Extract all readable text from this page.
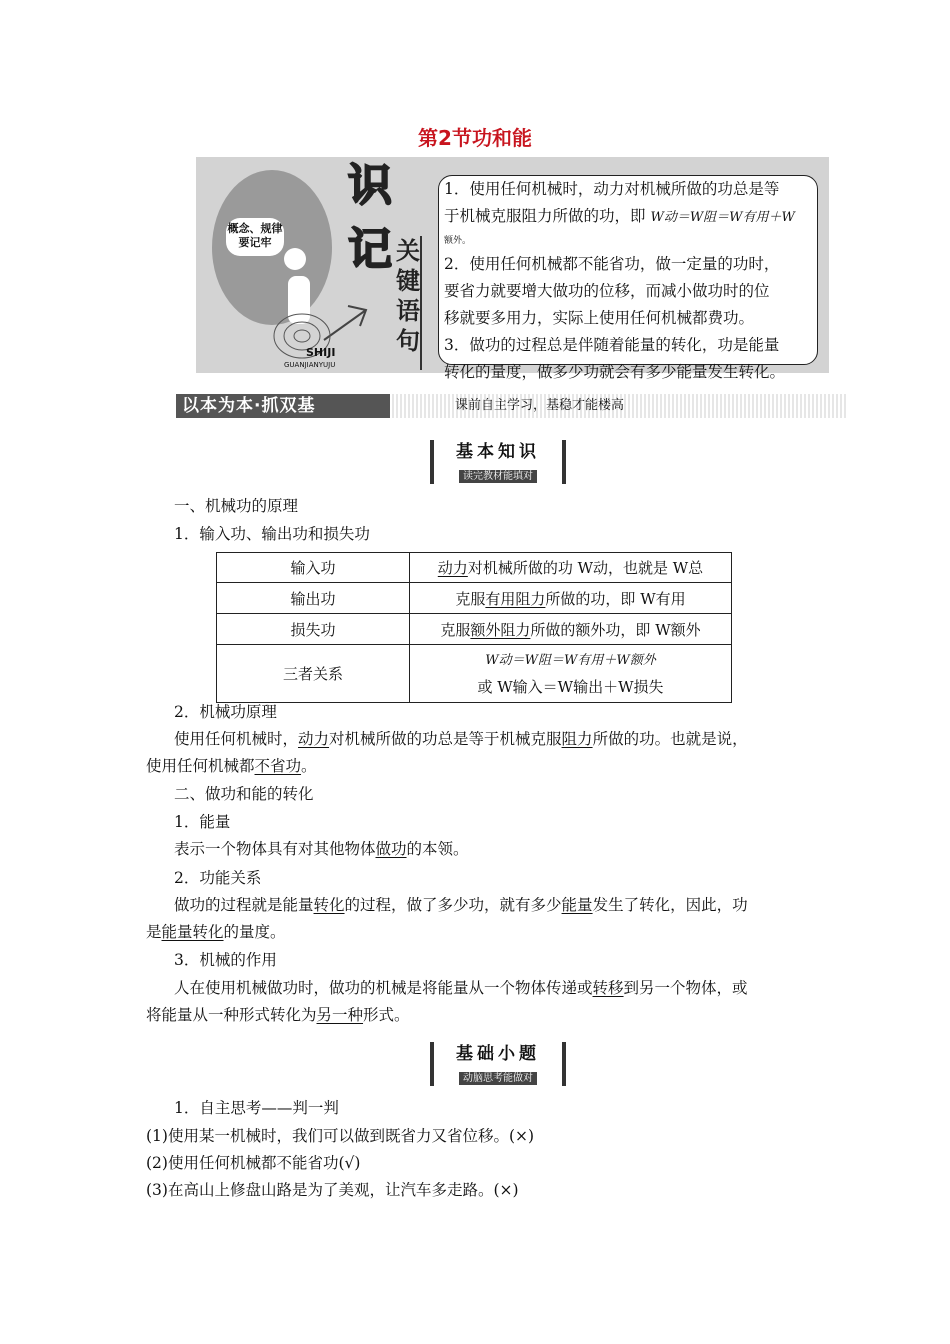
第2节功和能
概念、规律
要记牢
识
记 关
键
语
句
SHIJI
GUANJIANYUJU

1．使用任何机械时，动力对机械所做的功总是等

于机械克服阻力所做的功，即 W动＝W阻＝W有用＋W

额外。

2．使用任何机械都不能省功，做一定量的功时，

要省力就要增大做功的位移，而减小做功时的位

移就要多用力，实际上使用任何机械都费功。

3．做功的过程总是伴随着能量的转化，功是能量

转化的量度，做多少功就会有多少能量发生转化。

以本为本·抓双基	课前自主学习，基稳才能楼高
基本知识
读完教材能填对
一、机械功的原理
1．输入功、输出功和损失功
输入功	动力对机械所做的功 W动，也就是 W总
输出功	克服有用阻力所做的功，即 W有用
损失功	克服额外阻力所做的额外功，即 W额外
三者关系	W动＝W阻＝W有用＋W额外
或 W输入＝W输出＋W损失
2．机械功原理
使用任何机械时，动力对机械所做的功总是等于机械克服阻力所做的功。也就是说，
使用任何机械都不省功。
二、做功和能的转化
1．能量
表示一个物体具有对其他物体做功的本领。
2．功能关系
做功的过程就是能量转化的过程，做了多少功，就有多少能量发生了转化，因此，功
是能量转化的量度。
3．机械的作用
人在使用机械做功时，做功的机械是将能量从一个物体传递或转移到另一个物体，或
将能量从一种形式转化为另一种形式。
基础小题
动脑思考能做对
1．自主思考——判一判
(1)使用某一机械时，我们可以做到既省力又省位移。(×)
(2)使用任何机械都不能省功(√)
(3)在高山上修盘山路是为了美观，让汽车多走路。(×)
